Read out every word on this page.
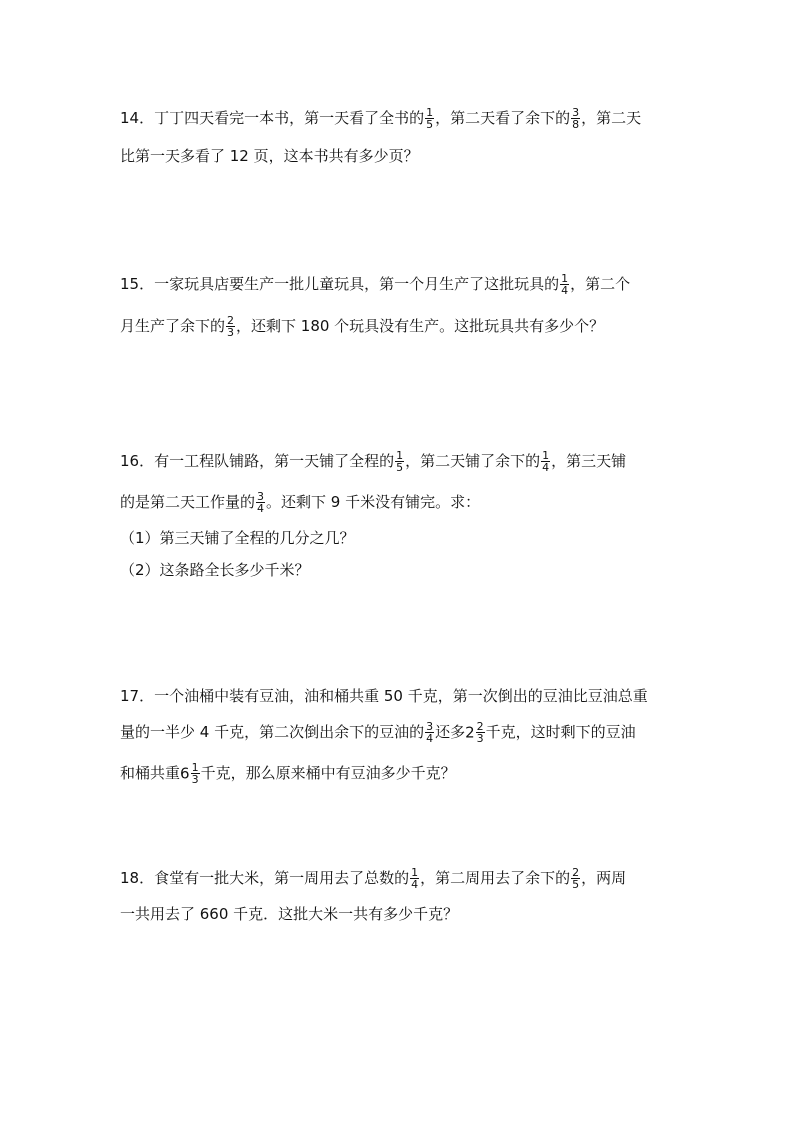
14．丁丁四天看完一本书，第一天看了全书的 $\frac{1}{5}$ ，第二天看了余下的 $\frac{3}{8}$ ，第二天
比第一天多看了 12 页，这本书共有多少页？
15．一家玩具店要生产一批儿童玩具，第一个月生产了这批玩具的 $\frac{1}{4}$ ，第二个
月生产了余下的 $\frac{2}{3}$ ，还剩下 180 个玩具没有生产。这批玩具共有多少个？
16．有一工程队铺路，第一天铺了全程的 $\frac{1}{5}$ ，第二天铺了余下的 $\frac{1}{4}$ ，第三天铺
的是第二天工作量的 $\frac{3}{4}$ 。还剩下 9 千米没有铺完。求：
（1）第三天铺了全程的几分之几？
（2）这条路全长多少千米？
17．一个油桶中装有豆油，油和桶共重 50 千克，第一次倒出的豆油比豆油总重
量的一半少 4 千克，第二次倒出余下的豆油的 $\frac{3}{4}$ 还多$2 \frac{2}{3}$ 千克，这时剩下的豆油
和桶共重$6 \frac{1}{3}$ 千克，那么原来桶中有豆油多少千克？
18．食堂有一批大米，第一周用去了总数的 $\frac{1}{4}$ ，第二周用去了余下的 $\frac{2}{5}$ ，两周
一共用去了 660 千克．这批大米一共有多少千克？
